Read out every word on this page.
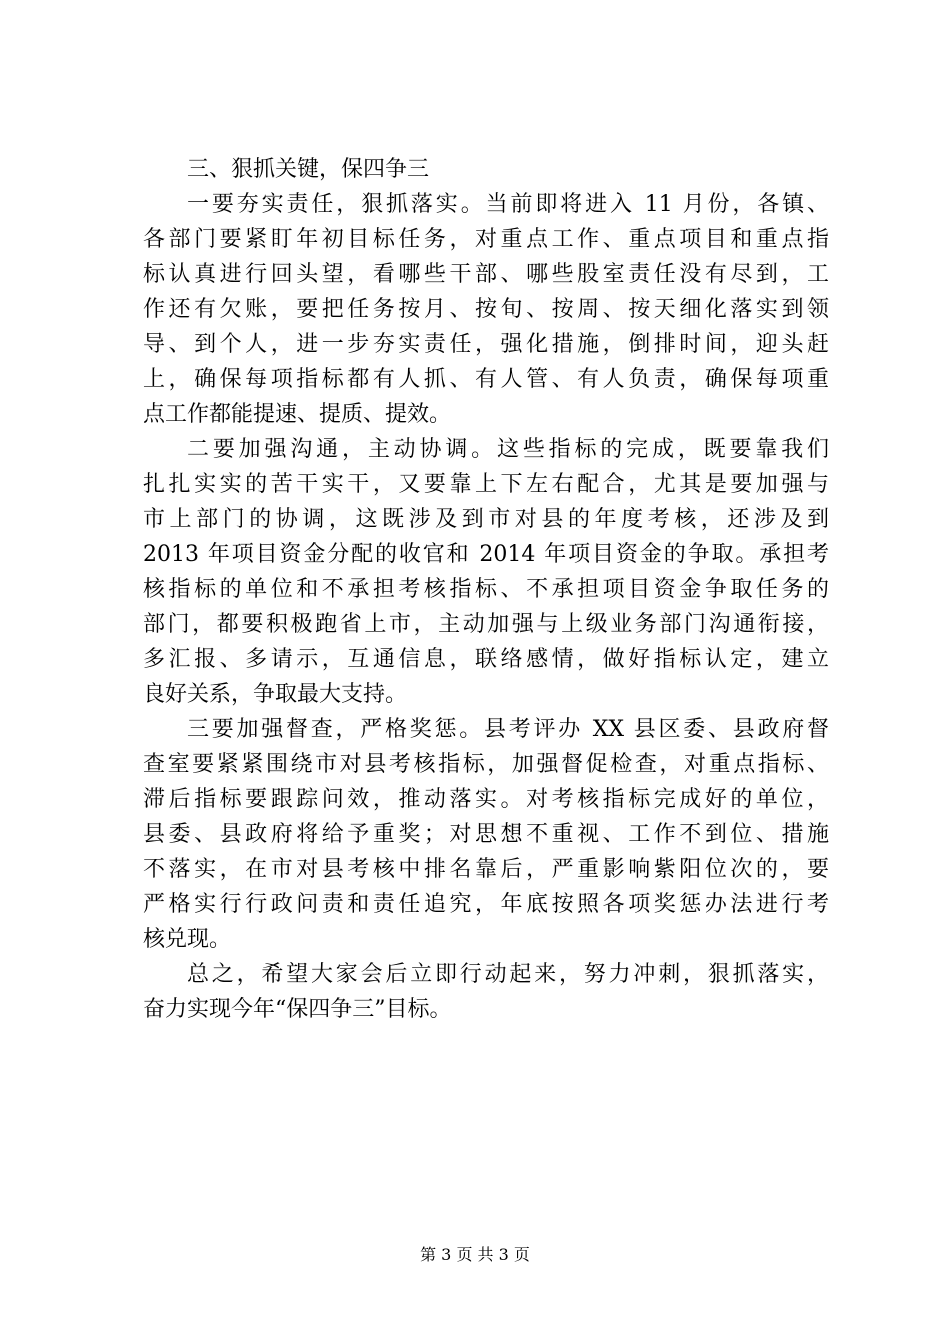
三、狠抓关键，保四争三
一要夯实责任，狠抓落实。当前即将进入 11 月份，各镇、
各部门要紧盯年初目标任务，对重点工作、重点项目和重点指
标认真进行回头望，看哪些干部、哪些股室责任没有尽到，工
作还有欠账，要把任务按月、按旬、按周、按天细化落实到领
导、到个人，进一步夯实责任，强化措施，倒排时间，迎头赶
上，确保每项指标都有人抓、有人管、有人负责，确保每项重
点工作都能提速、提质、提效。
二要加强沟通，主动协调。这些指标的完成，既要靠我们
扎扎实实的苦干实干，又要靠上下左右配合，尤其是要加强与
市上部门的协调，这既涉及到市对县的年度考核，还涉及到
2013 年项目资金分配的收官和 2014 年项目资金的争取。承担考
核指标的单位和不承担考核指标、不承担项目资金争取任务的
部门，都要积极跑省上市，主动加强与上级业务部门沟通衔接，
多汇报、多请示，互通信息，联络感情，做好指标认定，建立
良好关系，争取最大支持。
三要加强督查，严格奖惩。县考评办 XX 县区委、县政府督
查室要紧紧围绕市对县考核指标，加强督促检查，对重点指标、
滞后指标要跟踪问效，推动落实。对考核指标完成好的单位，
县委、县政府将给予重奖；对思想不重视、工作不到位、措施
不落实，在市对县考核中排名靠后，严重影响紫阳位次的，要
严格实行行政问责和责任追究，年底按照各项奖惩办法进行考
核兑现。
总之，希望大家会后立即行动起来，努力冲刺，狠抓落实，
奋力实现今年“保四争三”目标。
第 3 页 共 3 页
